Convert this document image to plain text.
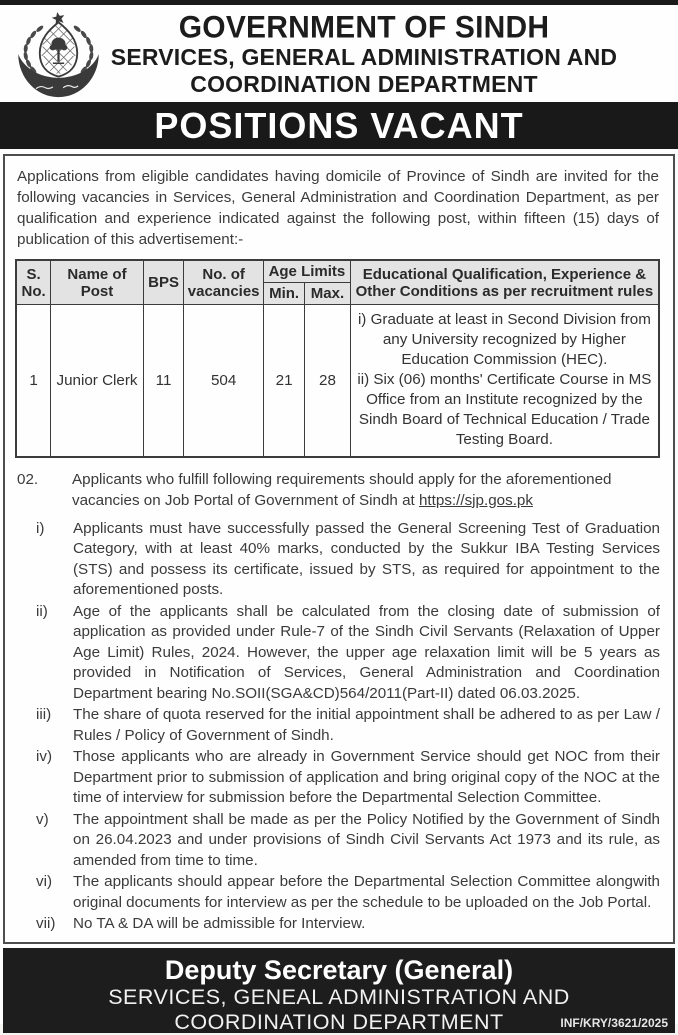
GOVERNMENT OF SINDH
SERVICES, GENERAL ADMINISTRATION AND
COORDINATION DEPARTMENT
POSITIONS VACANT

Applications from eligible candidates having domicile of Province of Sindh are invited for the following vacancies in Services, General Administration and Coordination Department, as per qualification and experience indicated against the following post, within fifteen (15) days of publication of this advertisement:-

S. No.	Name of Post	BPS	No. of vacancies	Age Limits		Educational Qualification, Experience & Other Conditions as per recruitment rules
				Min.	Max.	
1	Junior Clerk	11	504	21	28	i) Graduate at least in Second Division from any University recognized by Higher Education Commission (HEC).
ii) Six (06) months' Certificate Course in MS Office from an Institute recognized by the Sindh Board of Technical Education / Trade Testing Board.
02.	Applicants who fulfill following requirements should apply for the aforementioned vacancies on Job Portal of Government of Sindh at https://sjp.gos.pk
i)	Applicants must have successfully passed the General Screening Test of Graduation Category, with at least 40% marks, conducted by the Sukkur IBA Testing Services (STS) and possess its certificate, issued by STS, as required for appointment to the aforementioned posts.
ii)	Age of the applicants shall be calculated from the closing date of submission of application as provided under Rule-7 of the Sindh Civil Servants (Relaxation of Upper Age Limit) Rules, 2024. However, the upper age relaxation limit will be 5 years as provided in Notification of Services, General Administration and Coordination Department bearing No.SOII(SGA&CD)564/2011(Part-II) dated 06.03.2025.
iii)	The share of quota reserved for the initial appointment shall be adhered to as per Law / Rules / Policy of Government of Sindh.
iv)	Those applicants who are already in Government Service should get NOC from their Department prior to submission of application and bring original copy of the NOC at the time of interview for submission before the Departmental Selection Committee.
v)	The appointment shall be made as per the Policy Notified by the Government of Sindh on 26.04.2023 and under provisions of Sindh Civil Servants Act 1973 and its rule, as amended from time to time.
vi)	The applicants should appear before the Departmental Selection Committee alongwith original documents for interview as per the schedule to be uploaded on the Job Portal.
vii)	No TA & DA will be admissible for Interview.
Deputy Secretary (General)
SERVICES, GENEAL ADMINISTRATION AND
COORDINATION DEPARTMENT	INF/KRY/3621/2025
